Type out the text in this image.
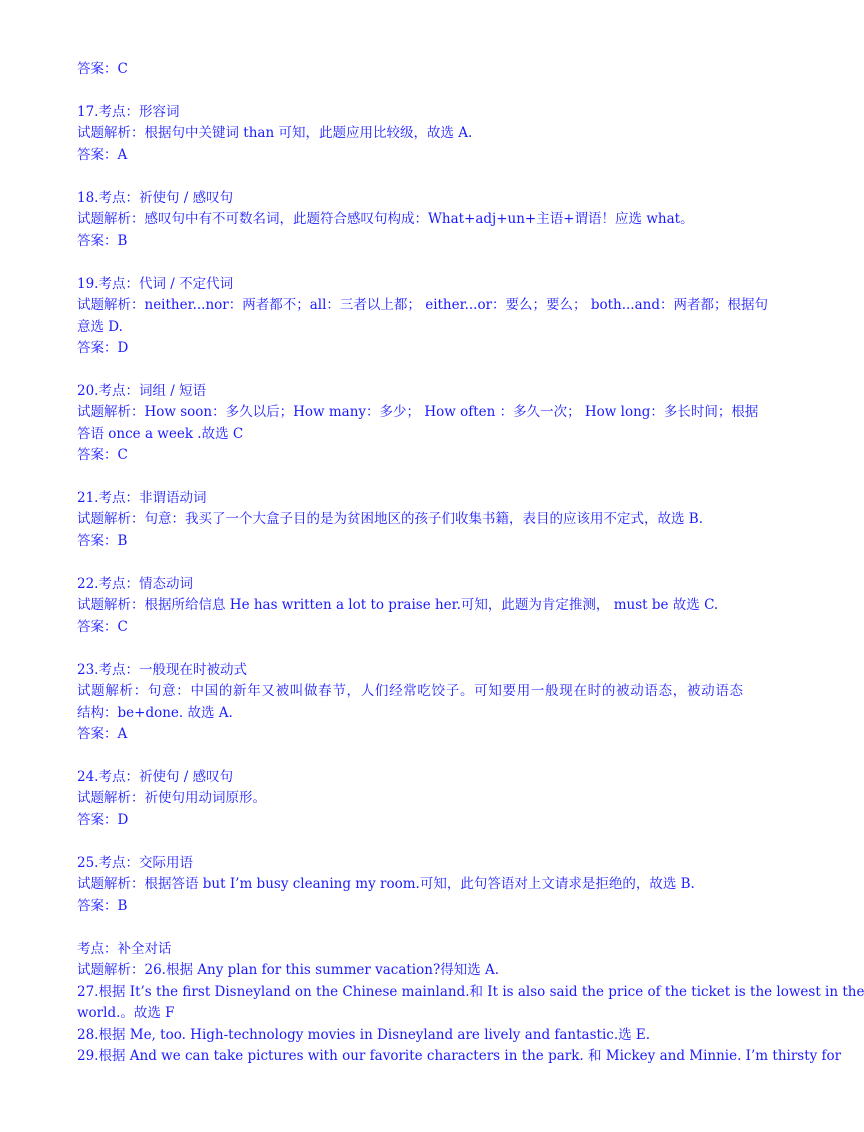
答案：C
17.考点：形容词
试题解析：根据句中关键词 than 可知，此题应用比较级，故选 A.
答案：A
18.考点：祈使句 / 感叹句
试题解析：感叹句中有不可数名词，此题符合感叹句构成：What+adj+un+主语+谓语！应选 what。
答案：B
19.考点：代词 / 不定代词
试题解析：neither...nor：两者都不；all：三者以上都； either...or：要么；要么； both...and：两者都；根据句
意选 D.
答案：D
20.考点：词组 / 短语
试题解析：How soon：多久以后；How many：多少； How often ：多久一次； How long：多长时间；根据
答语 once a week .故选 C
答案：C
21.考点：非谓语动词
试题解析：句意：我买了一个大盒子目的是为贫困地区的孩子们收集书籍，表目的应该用不定式，故选 B.
答案：B
22.考点：情态动词
试题解析：根据所给信息 He has written a lot to praise her.可知，此题为肯定推测， must be 故选 C.
答案：C
23.考点：一般现在时被动式
试题解析：句意：中国的新年又被叫做春节，人们经常吃饺子。可知要用一般现在时的被动语态，被动语态
结构：be+done. 故选 A.
答案：A
24.考点：祈使句 / 感叹句
试题解析：祈使句用动词原形。
答案：D
25.考点：交际用语
试题解析：根据答语 but I’m busy cleaning my room.可知，此句答语对上文请求是拒绝的，故选 B.
答案：B
考点：补全对话
试题解析：26.根据 Any plan for this summer vacation?得知选 A.
27.根据 It’s the first Disneyland on the Chinese mainland.和 It is also said the price of the ticket is the lowest in the
world.。故选 F
28.根据 Me, too. High-technology movies in Disneyland are lively and fantastic.选 E.
29.根据 And we can take pictures with our favorite characters in the park. 和 Mickey and Minnie. I’m thirsty for
